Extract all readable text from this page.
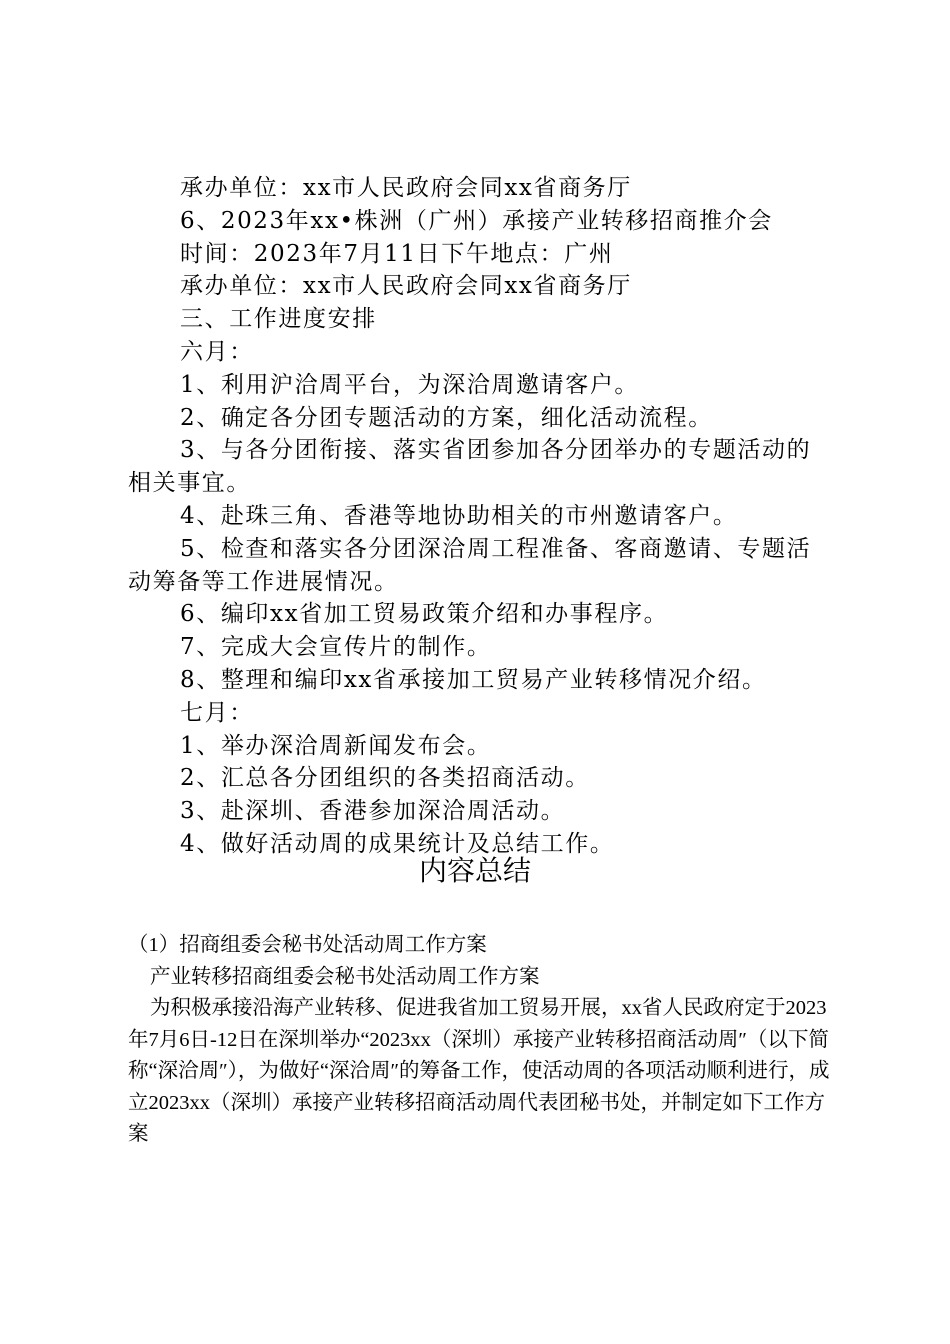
承办单位：xx市人民政府会同xx省商务厅

6、2023年xx•株洲（广州）承接产业转移招商推介会

时间：2023年7月11日下午地点：广州

承办单位：xx市人民政府会同xx省商务厅

三、工作进度安排

六月：

1、利用沪洽周平台，为深洽周邀请客户。

2、确定各分团专题活动的方案，细化活动流程。

3、与各分团衔接、落实省团参加各分团举办的专题活动的相关事宜。

4、赴珠三角、香港等地协助相关的市州邀请客户。

5、检查和落实各分团深洽周工程准备、客商邀请、专题活动筹备等工作进展情况。

6、编印xx省加工贸易政策介绍和办事程序。

7、完成大会宣传片的制作。

8、整理和编印xx省承接加工贸易产业转移情况介绍。

七月：

1、举办深洽周新闻发布会。

2、汇总各分团组织的各类招商活动。

3、赴深圳、香港参加深洽周活动。

4、做好活动周的成果统计及总结工作。

内容总结

（1）招商组委会秘书处活动周工作方案

产业转移招商组委会秘书处活动周工作方案

为积极承接沿海产业转移、促进我省加工贸易开展，xx省人民政府定于2023年7月6日-12日在深圳举办“2023xx（深圳）承接产业转移招商活动周″（以下简称“深洽周″），为做好“深洽周″的筹备工作，使活动周的各项活动顺利进行，成立2023xx（深圳）承接产业转移招商活动周代表团秘书处，并制定如下工作方案
